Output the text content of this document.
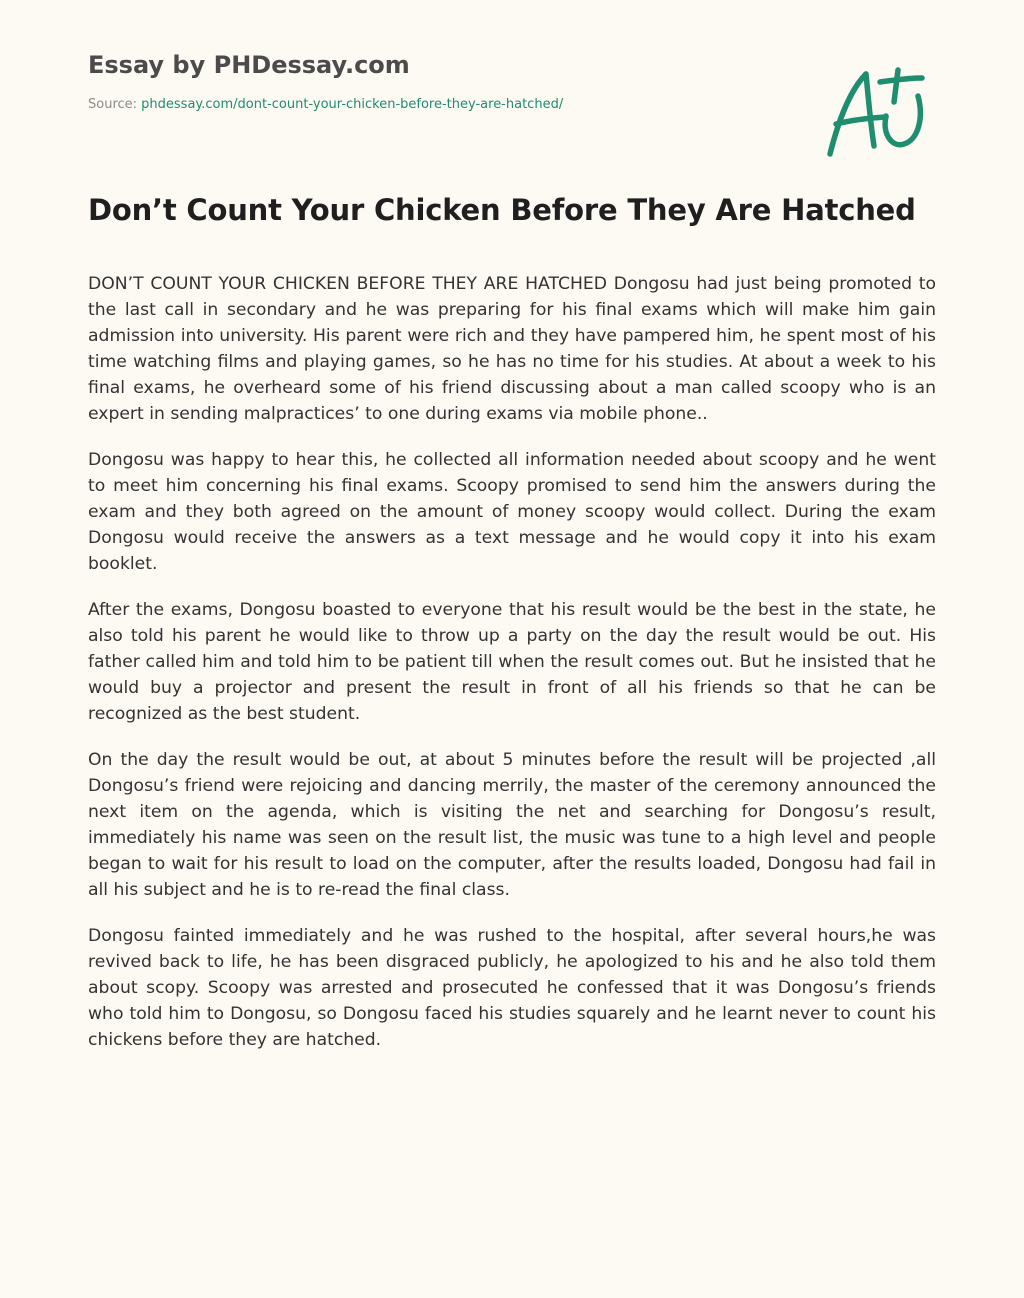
Essay by PHDessay.com
Source: phdessay.com/dont-count-your-chicken-before-they-are-hatched/
Don’t Count Your Chicken Before They Are Hatched

DON’T COUNT YOUR CHICKEN BEFORE THEY ARE HATCHED Dongosu had just being promoted to the last call in secondary and he was preparing for his final exams which will make him gain admission into university. His parent were rich and they have pampered him, he spent most of his time watching films and playing games, so he has no time for his studies. At about a week to his final exams, he overheard some of his friend discussing about a man called scoopy who is an expert in sending malpractices’ to one during exams via mobile phone..

Dongosu was happy to hear this, he collected all information needed about scoopy and he went to meet him concerning his final exams. Scoopy promised to send him the answers during the exam and they both agreed on the amount of money scoopy would collect. During the exam Dongosu would receive the answers as a text message and he would copy it into his exam booklet.

After the exams, Dongosu boasted to everyone that his result would be the best in the state, he also told his parent he would like to throw up a party on the day the result would be out. His father called him and told him to be patient till when the result comes out. But he insisted that he would buy a projector and present the result in front of all his friends so that he can be recognized as the best student.

On the day the result would be out, at about 5 minutes before the result will be projected ,all Dongosu’s friend were rejoicing and dancing merrily, the master of the ceremony announced the next item on the agenda, which is visiting the net and searching for Dongosu’s result, immediately his name was seen on the result list, the music was tune to a high level and people began to wait for his result to load on the computer, after the results loaded, Dongosu had fail in all his subject and he is to re-read the final class.

Dongosu fainted immediately and he was rushed to the hospital, after several hours,he was revived back to life, he has been disgraced publicly, he apologized to his and he also told them about scopy. Scoopy was arrested and prosecuted he confessed that it was Dongosu’s friends who told him to Dongosu, so Dongosu faced his studies squarely and he learnt never to count his chickens before they are hatched.
